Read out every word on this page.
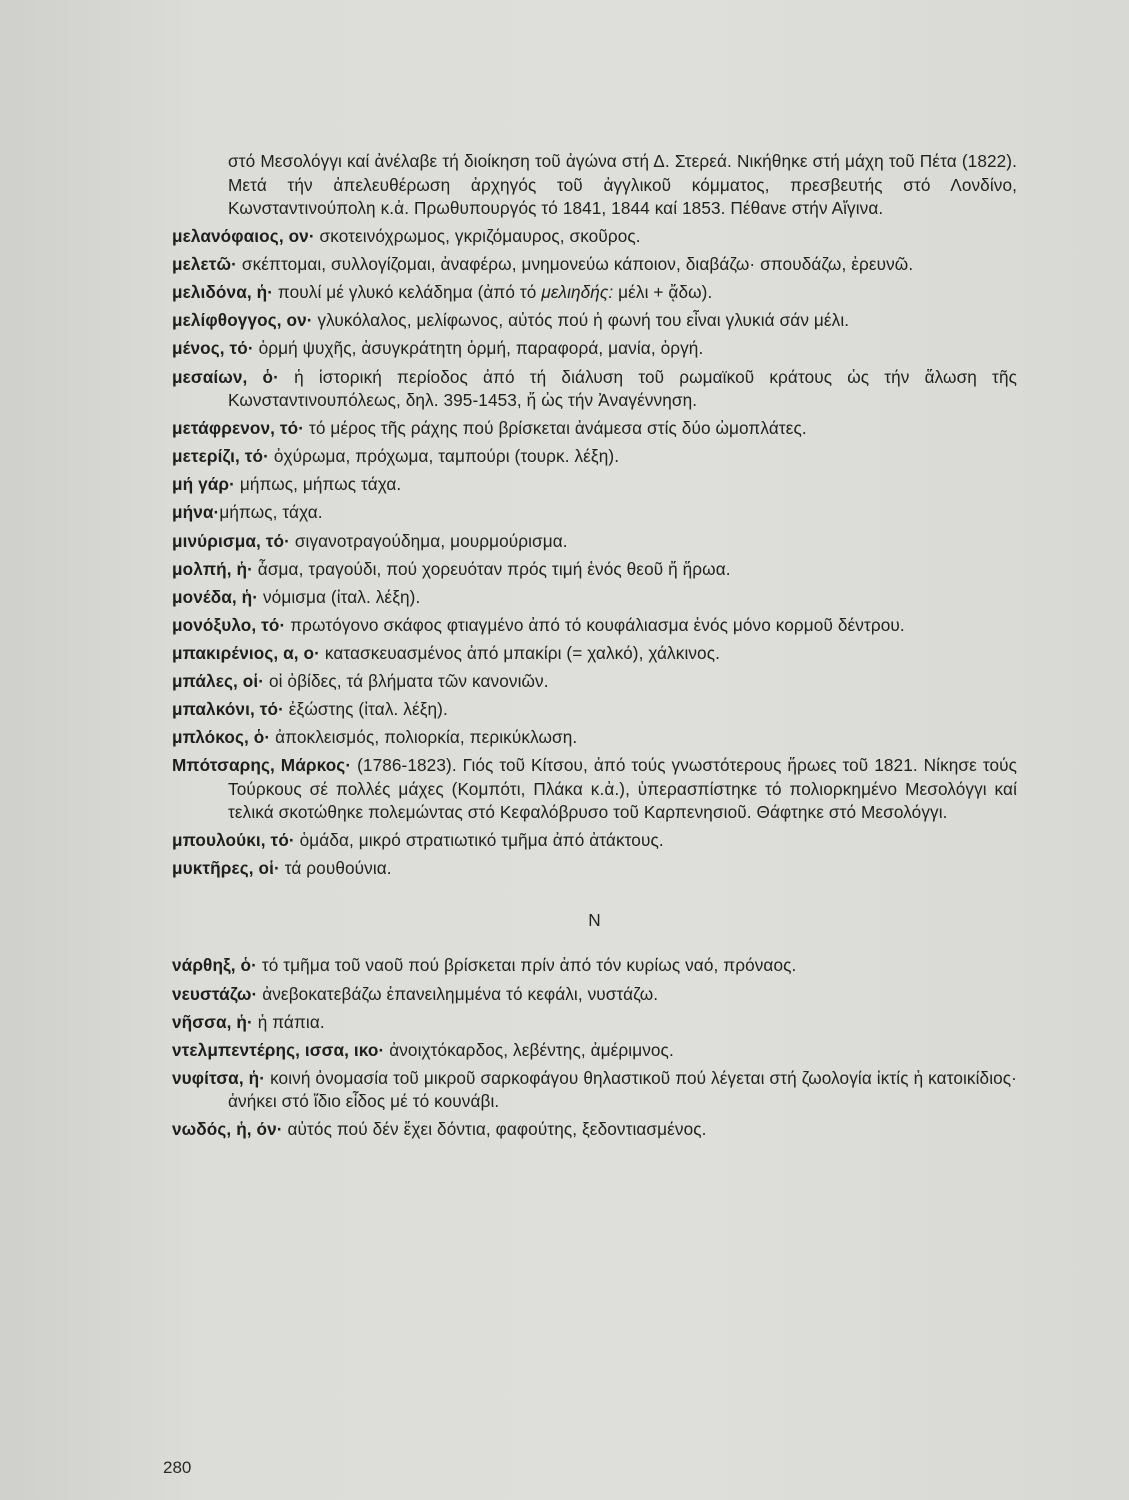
στό Μεσολόγγι καί ἀνέλαβε τή διοίκηση τοῦ ἀγώνα στή Δ. Στερεά. Νικήθηκε στή μάχη τοῦ Πέτα (1822). Μετά τήν ἀπελευθέρωση ἀρχηγός τοῦ ἀγγλικοῦ κόμματος, πρεσβευτής στό Λονδίνο, Κωνσταντινούπολη κ.ἀ. Πρωθυπουργός τό 1841, 1844 καί 1853. Πέθανε στήν Αἴγινα.

μελανόφαιος, ον· σκοτεινόχρωμος, γκριζόμαυρος, σκοῦρος.

μελετῶ· σκέπτομαι, συλλογίζομαι, ἀναφέρω, μνημονεύω κάποιον, διαβάζω· σπουδάζω, ἐρευνῶ.

μελιδόνα, ἡ· πουλί μέ γλυκό κελάδημα (ἀπό τό μελιηδής: μέλι + ᾄδω).

μελίφθογγος, ον· γλυκόλαλος, μελίφωνος, αὐτός πού ἡ φωνή του εἶναι γλυκιά σάν μέλι.

μένος, τό· ὁρμή ψυχῆς, ἀσυγκράτητη ὁρμή, παραφορά, μανία, ὀργή.

μεσαίων, ὁ· ἡ ἱστορική περίοδος ἀπό τή διάλυση τοῦ ρωμαϊκοῦ κράτους ὡς τήν ἅλωση τῆς Κωνσταντινουπόλεως, δηλ. 395-1453, ἤ ὡς τήν Ἀναγέννηση.

μετάφρενον, τό· τό μέρος τῆς ράχης πού βρίσκεται ἀνάμεσα στίς δύο ὠμοπλάτες.

μετερίζι, τό· ὀχύρωμα, πρόχωμα, ταμπούρι (τουρκ. λέξη).

μή γάρ· μήπως, μήπως τάχα.

μήνα·μήπως, τάχα.

μινύρισμα, τό· σιγανοτραγούδημα, μουρμούρισμα.

μολπή, ἡ· ἆσμα, τραγούδι, πού χορευόταν πρός τιμή ἑνός θεοῦ ἤ ἥρωα.

μονέδα, ἡ· νόμισμα (ἰταλ. λέξη).

μονόξυλο, τό· πρωτόγονο σκάφος φτιαγμένο ἀπό τό κουφάλιασμα ἑνός μόνο κορμοῦ δέντρου.

μπακιρένιος, α, ο· κατασκευασμένος ἀπό μπακίρι (= χαλκό), χάλκινος.

μπάλες, οἱ· οἱ ὀβίδες, τά βλήματα τῶν κανονιῶν.

μπαλκόνι, τό· ἐξώστης (ἰταλ. λέξη).

μπλόκος, ὁ· ἀποκλεισμός, πολιορκία, περικύκλωση.

Μπότσαρης, Μάρκος· (1786-1823). Γιός τοῦ Κίτσου, ἀπό τούς γνωστότερους ἥρωες τοῦ 1821. Νίκησε τούς Τούρκους σέ πολλές μάχες (Κομπότι, Πλάκα κ.ἀ.), ὑπερασπίστηκε τό πολιορκημένο Μεσολόγγι καί τελικά σκοτώθηκε πολεμώντας στό Κεφαλόβρυσο τοῦ Καρπενησιοῦ. Θάφτηκε στό Μεσολόγγι.

μπουλούκι, τό· ὁμάδα, μικρό στρατιωτικό τμῆμα ἀπό ἀτάκτους.

μυκτῆρες, οἱ· τά ρουθούνια.

Ν

νάρθηξ, ὁ· τό τμῆμα τοῦ ναοῦ πού βρίσκεται πρίν ἀπό τόν κυρίως ναό, πρόναος.

νευστάζω· ἀνεβοκατεβάζω ἐπανειλημμένα τό κεφάλι, νυστάζω.

νῆσσα, ἡ· ἡ πάπια.

ντελμπεντέρης, ισσα, ικο· ἀνοιχτόκαρδος, λεβέντης, ἀμέριμνος.

νυφίτσα, ἡ· κοινή ὀνομασία τοῦ μικροῦ σαρκοφάγου θηλαστικοῦ πού λέγεται στή ζωολογία ἰκτίς ἡ κατοικίδιος· ἀνήκει στό ἴδιο εἶδος μέ τό κουνάβι.

νωδός, ἡ, όν· αὐτός πού δέν ἔχει δόντια, φαφούτης, ξεδοντιασμένος.

280
